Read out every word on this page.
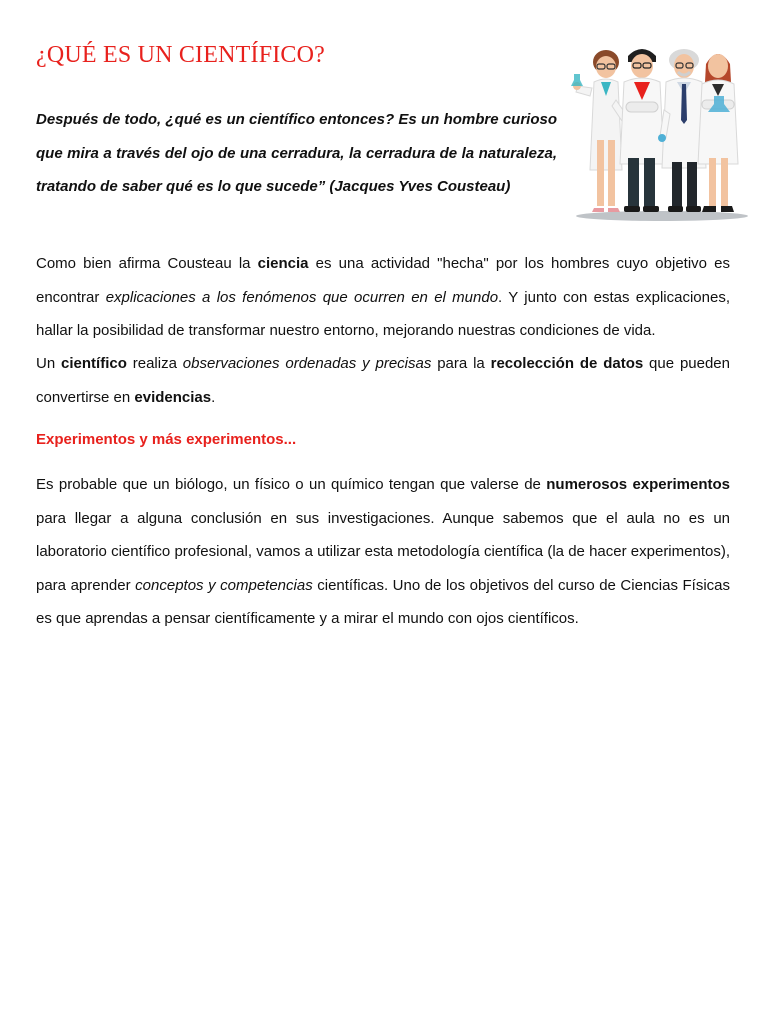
¿QUÉ ES UN CIENTÍFICO?

Después de todo, ¿qué es un científico entonces? Es un hombre curioso que mira a través del ojo de una cerradura, la cerradura de la naturaleza, tratando de saber qué es lo que sucede” (Jacques Yves Cousteau)

Como bien afirma Cousteau la ciencia es una actividad "hecha" por los hombres cuyo objetivo es encontrar explicaciones a los fenómenos que ocurren en el mundo. Y junto con estas explicaciones, hallar la posibilidad de transformar nuestro entorno, mejorando nuestras condiciones de vida.

Un científico realiza observaciones ordenadas y precisas para la recolección de datos que pueden convertirse en evidencias.

Experimentos y más experimentos...

Es probable que un biólogo, un físico o un químico tengan que valerse de numerosos experimentos para llegar a alguna conclusión en sus investigaciones. Aunque sabemos que el aula no es un laboratorio científico profesional, vamos a utilizar esta metodología científica (la de hacer experimentos), para aprender conceptos y competencias científicas. Uno de los objetivos del curso de Ciencias Físicas es que aprendas a pensar científicamente y a mirar el mundo con ojos científicos.
